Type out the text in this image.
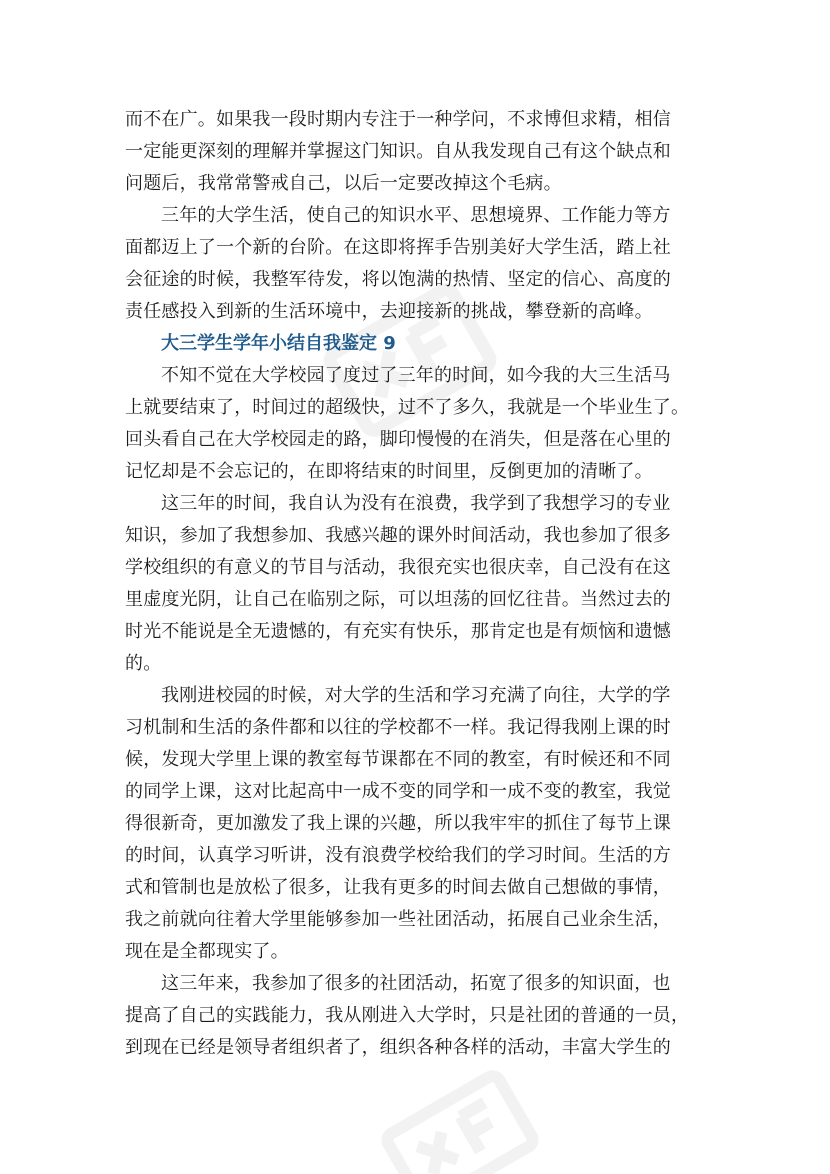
而不在广。如果我一段时期内专注于一种学问，不求博但求精，相信
一定能更深刻的理解并掌握这门知识。自从我发现自己有这个缺点和
问题后，我常常警戒自己，以后一定要改掉这个毛病。
三年的大学生活，使自己的知识水平、思想境界、工作能力等方
面都迈上了一个新的台阶。在这即将挥手告别美好大学生活，踏上社
会征途的时候，我整军待发，将以饱满的热情、坚定的信心、高度的
责任感投入到新的生活环境中，去迎接新的挑战，攀登新的高峰。
大三学生学年小结自我鉴定 9
不知不觉在大学校园了度过了三年的时间，如今我的大三生活马
上就要结束了，时间过的超级快，过不了多久，我就是一个毕业生了。
回头看自己在大学校园走的路，脚印慢慢的在消失，但是落在心里的
记忆却是不会忘记的，在即将结束的时间里，反倒更加的清晰了。
这三年的时间，我自认为没有在浪费，我学到了我想学习的专业
知识，参加了我想参加、我感兴趣的课外时间活动，我也参加了很多
学校组织的有意义的节目与活动，我很充实也很庆幸，自己没有在这
里虚度光阴，让自己在临别之际，可以坦荡的回忆往昔。当然过去的
时光不能说是全无遗憾的，有充实有快乐，那肯定也是有烦恼和遗憾
的。
我刚进校园的时候，对大学的生活和学习充满了向往，大学的学
习机制和生活的条件都和以往的学校都不一样。我记得我刚上课的时
候，发现大学里上课的教室每节课都在不同的教室，有时候还和不同
的同学上课，这对比起高中一成不变的同学和一成不变的教室，我觉
得很新奇，更加激发了我上课的兴趣，所以我牢牢的抓住了每节上课
的时间，认真学习听讲，没有浪费学校给我们的学习时间。生活的方
式和管制也是放松了很多，让我有更多的时间去做自己想做的事情，
我之前就向往着大学里能够参加一些社团活动，拓展自己业余生活，
现在是全都现实了。
这三年来，我参加了很多的社团活动，拓宽了很多的知识面，也
提高了自己的实践能力，我从刚进入大学时，只是社团的普通的一员，
到现在已经是领导者组织者了，组织各种各样的活动，丰富大学生的
